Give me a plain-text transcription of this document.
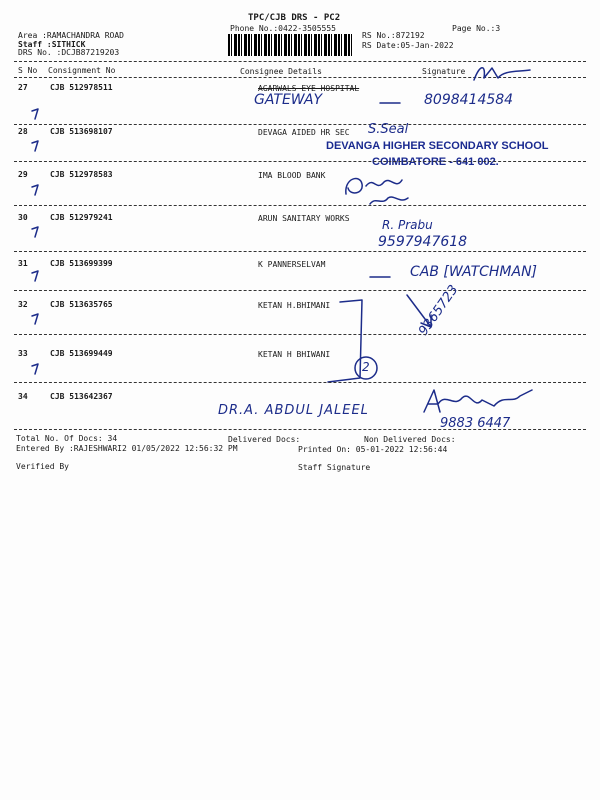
TPC/CJB DRS - PC2
Phone No.:0422-3505555	Page No.:3
Area :RAMACHANDRA ROAD
Staff :SITHICK
DRS No. :DCJB87219203
RS No.:872192
RS Date:05-Jan-2022
S No Consignment No	Consignee Details	Signature
27	CJB 512978511	AGARWALS EYE HOSPITAL
GATEWAY	8098414584
28	CJB 513698107	DEVAGA AIDED HR SEC S.Seal
DEVANGA HIGHER SECONDARY SCHOOL
COIMBATORE - 641 002.
29	CJB 512978583	IMA BLOOD BANK
30	CJB 512979241	ARUN SANITARY WORKS	R. Prabu
9597947618
31	CJB 513699399	K PANNERSELVAM	CAB [WATCHMAN]
32	CJB 513635765	KETAN H.BHIMANI	9365723
33	CJB 513699449	KETAN H BHIWANI
2
34	CJB 513642367
DR.A. ABDUL JALEEL
9883 6447
Total No. Of Docs: 34	Delivered Docs:	Non Delivered Docs:
Entered By :RAJESHWARI2 01/05/2022 12:56:32 PM	Printed On: 05-01-2022 12:56:44
Verified By	Staff Signature
